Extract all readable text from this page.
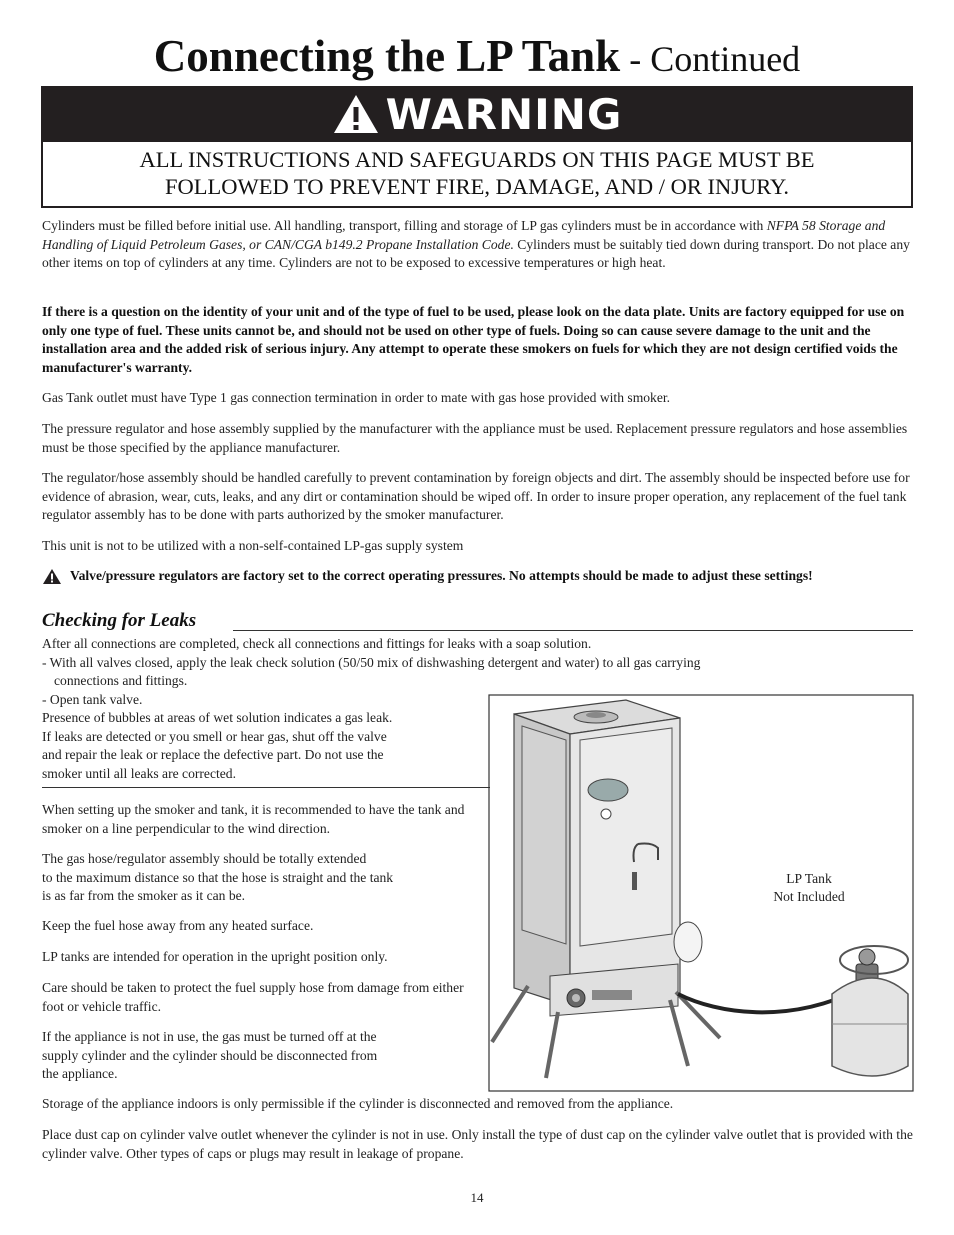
Connecting the LP Tank - Continued
WARNING
ALL INSTRUCTIONS AND SAFEGUARDS ON THIS PAGE MUST BE
FOLLOWED TO PREVENT FIRE, DAMAGE, AND / OR INJURY.
Cylinders must be filled before initial use. All handling, transport, filling and storage of LP gas cylinders must be in accordance with NFPA 58 Storage and Handling of Liquid Petroleum Gases, or CAN/CGA b149.2 Propane Installation Code. Cylinders must be suitably tied down during transport. Do not place any other items on top of cylinders at any time. Cylinders are not to be exposed to excessive temperatures or high heat.
If there is a question on the identity of your unit and of the type of fuel to be used, please look on the data plate. Units are factory equipped for use on only one type of fuel. These units cannot be, and should not be used on other type of fuels. Doing so can cause severe damage to the unit and the installation area and the added risk of serious injury. Any attempt to operate these smokers on fuels for which they are not design certified voids the manufacturer's warranty.
Gas Tank outlet must have Type 1 gas connection termination in order to mate with gas hose provided with smoker.
The pressure regulator and hose assembly supplied by the manufacturer with the appliance must be used. Replacement pressure regulators and hose assemblies must be those specified by the appliance manufacturer.
The regulator/hose assembly should be handled carefully to prevent contamination by foreign objects and dirt. The assembly should be inspected before use for evidence of abrasion, wear, cuts, leaks, and any dirt or contamination should be wiped off. In order to insure proper operation, any replacement of the fuel tank regulator assembly has to be done with parts authorized by the smoker manufacturer.
This unit is not to be utilized with a non-self-contained LP-gas supply system
Valve/pressure regulators are factory set to the correct operating pressures. No attempts should be made to adjust these settings!
Checking for Leaks
After all connections are completed, check all connections and fittings for leaks with a soap solution.
- With all valves closed, apply the leak check solution (50/50 mix of dishwashing detergent and water) to all gas carrying
connections and fittings.
- Open tank valve.
Presence of bubbles at areas of wet solution indicates a gas leak.
If leaks are detected or you smell or hear gas, shut off the valve
and repair the leak or replace the defective part. Do not use the
smoker until all leaks are corrected.
When setting up the smoker and tank, it is recommended to have the tank and smoker on a line perpendicular to the wind direction.
The gas hose/regulator assembly should be totally extended
to the maximum distance so that the hose is straight and the tank
is as far from the smoker as it can be.
Keep the fuel hose away from any heated surface.
LP tanks are intended for operation in the upright position only.
Care should be taken to protect the fuel supply hose from damage from either foot or vehicle traffic.
If the appliance is not in use, the gas must be turned off at the
supply cylinder and the cylinder should be disconnected from
the appliance.
LP Tank
Not Included
Storage of the appliance indoors is only permissible if the cylinder is disconnected and removed from the appliance.
Place dust cap on cylinder valve outlet whenever the cylinder is not in use. Only install the type of dust cap on the cylinder valve outlet that is provided with the cylinder valve. Other types of caps or plugs may result in leakage of propane.
14
